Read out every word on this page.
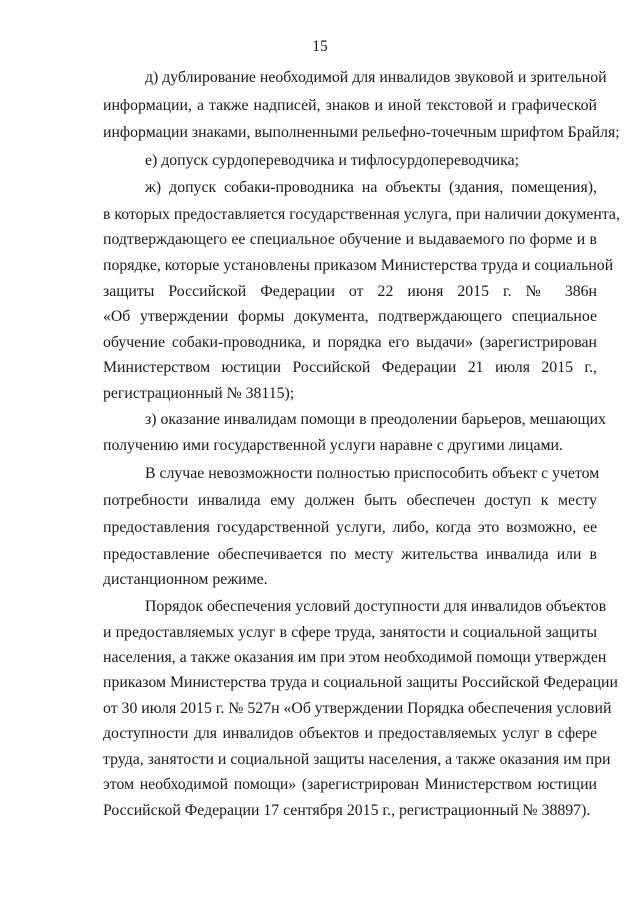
15
д) дублирование необходимой для инвалидов звуковой и зрительной
информации, а также надписей, знаков и иной текстовой и графической
информации знаками, выполненными рельефно-точечным шрифтом Брайля;
е) допуск сурдопереводчика и тифлосурдопереводчика;
ж) допуск собаки-проводника на объекты (здания, помещения),
в которых предоставляется государственная услуга, при наличии документа,
подтверждающего ее специальное обучение и выдаваемого по форме и в
порядке, которые установлены приказом Министерства труда и социальной
защиты Российской Федерации от 22 июня 2015 г. № 386н
«Об утверждении формы документа, подтверждающего специальное
обучение собаки-проводника, и порядка его выдачи» (зарегистрирован
Министерством юстиции Российской Федерации 21 июля 2015 г.,
регистрационный № 38115);
з) оказание инвалидам помощи в преодолении барьеров, мешающих
получению ими государственной услуги наравне с другими лицами.
В случае невозможности полностью приспособить объект с учетом
потребности инвалида ему должен быть обеспечен доступ к месту
предоставления государственной услуги, либо, когда это возможно, ее
предоставление обеспечивается по месту жительства инвалида или в
дистанционном режиме.
Порядок обеспечения условий доступности для инвалидов объектов
и предоставляемых услуг в сфере труда, занятости и социальной защиты
населения, а также оказания им при этом необходимой помощи утвержден
приказом Министерства труда и социальной защиты Российской Федерации
от 30 июля 2015 г. № 527н «Об утверждении Порядка обеспечения условий
доступности для инвалидов объектов и предоставляемых услуг в сфере
труда, занятости и социальной защиты населения, а также оказания им при
этом необходимой помощи» (зарегистрирован Министерством юстиции
Российской Федерации 17 сентября 2015 г., регистрационный № 38897).
